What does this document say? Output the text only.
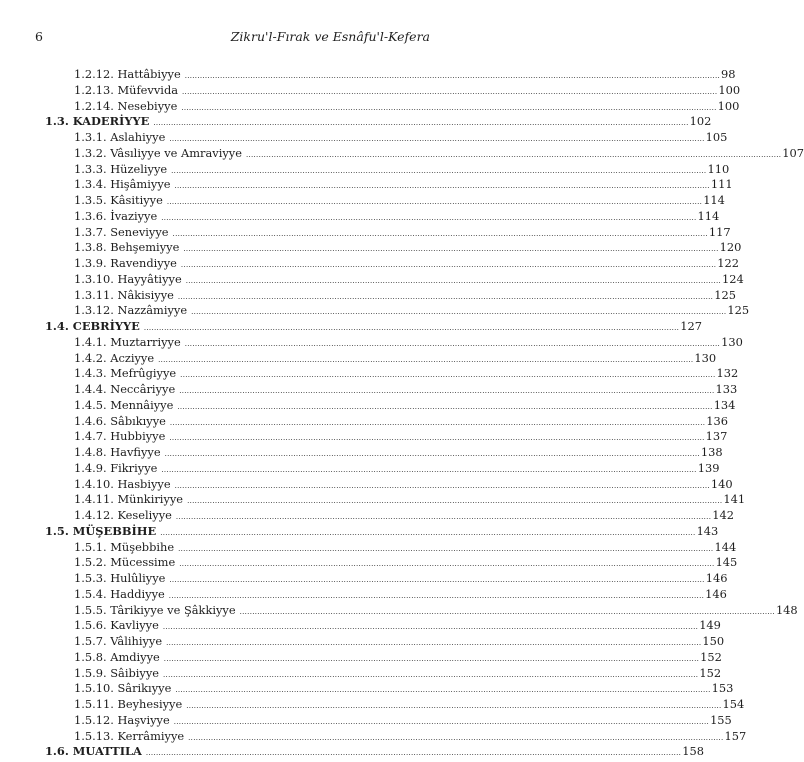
6	Zikru'l-Fırak ve Esnâfu'l-Kefera
1.2.12. Hattâbiyye .................................................................................................................................................................................................................... 98
1.2.13. Müfevvida .................................................................................................................................................................................................................... 100
1.2.14. Nesebiyye .................................................................................................................................................................................................................... 100
1.3. KADERİYYE .................................................................................................................................................................................................................... 102
1.3.1. Aslahiyye .................................................................................................................................................................................................................... 105
1.3.2. Vâsıliyye ve Amraviyye .................................................................................................................................................................................................................... 107
1.3.3. Hüzeliyye .................................................................................................................................................................................................................... 110
1.3.4. Hişâmiyye .................................................................................................................................................................................................................... 111
1.3.5. Kâsitiyye .................................................................................................................................................................................................................... 114
1.3.6. İvaziyye .................................................................................................................................................................................................................... 114
1.3.7. Seneviyye .................................................................................................................................................................................................................... 117
1.3.8. Behşemiyye .................................................................................................................................................................................................................... 120
1.3.9. Ravendiyye .................................................................................................................................................................................................................... 122
1.3.10. Hayyâtiyye .................................................................................................................................................................................................................... 124
1.3.11. Nâkisiyye .................................................................................................................................................................................................................... 125
1.3.12. Nazzâmiyye .................................................................................................................................................................................................................... 125
1.4. CEBRİYYE .................................................................................................................................................................................................................... 127
1.4.1. Muztarriyye .................................................................................................................................................................................................................... 130
1.4.2. Acziyye .................................................................................................................................................................................................................... 130
1.4.3. Mefrûgiyye .................................................................................................................................................................................................................... 132
1.4.4. Neccâriyye .................................................................................................................................................................................................................... 133
1.4.5. Mennâiyye .................................................................................................................................................................................................................... 134
1.4.6. Sâbıkıyye .................................................................................................................................................................................................................... 136
1.4.7. Hubbiyye .................................................................................................................................................................................................................... 137
1.4.8. Havfiyye .................................................................................................................................................................................................................... 138
1.4.9. Fikriyye .................................................................................................................................................................................................................... 139
1.4.10. Hasbiyye .................................................................................................................................................................................................................... 140
1.4.11. Münkiriyye .................................................................................................................................................................................................................... 141
1.4.12. Keseliyye .................................................................................................................................................................................................................... 142
1.5. MÜŞEBBİHE .................................................................................................................................................................................................................... 143
1.5.1. Müşebbihe .................................................................................................................................................................................................................... 144
1.5.2. Mücessime .................................................................................................................................................................................................................... 145
1.5.3. Hulûliyye .................................................................................................................................................................................................................... 146
1.5.4. Haddiyye .................................................................................................................................................................................................................... 146
1.5.5. Târikiyye ve Şâkkiyye .................................................................................................................................................................................................................... 148
1.5.6. Kavliyye .................................................................................................................................................................................................................... 149
1.5.7. Vâlihiyye .................................................................................................................................................................................................................... 150
1.5.8. Amdiyye .................................................................................................................................................................................................................... 152
1.5.9. Sâibiyye .................................................................................................................................................................................................................... 152
1.5.10. Sârikıyye .................................................................................................................................................................................................................... 153
1.5.11. Beyhesiyye .................................................................................................................................................................................................................... 154
1.5.12. Haşviyye .................................................................................................................................................................................................................... 155
1.5.13. Kerrâmiyye .................................................................................................................................................................................................................... 157
1.6. MUATTILA .................................................................................................................................................................................................................... 158
